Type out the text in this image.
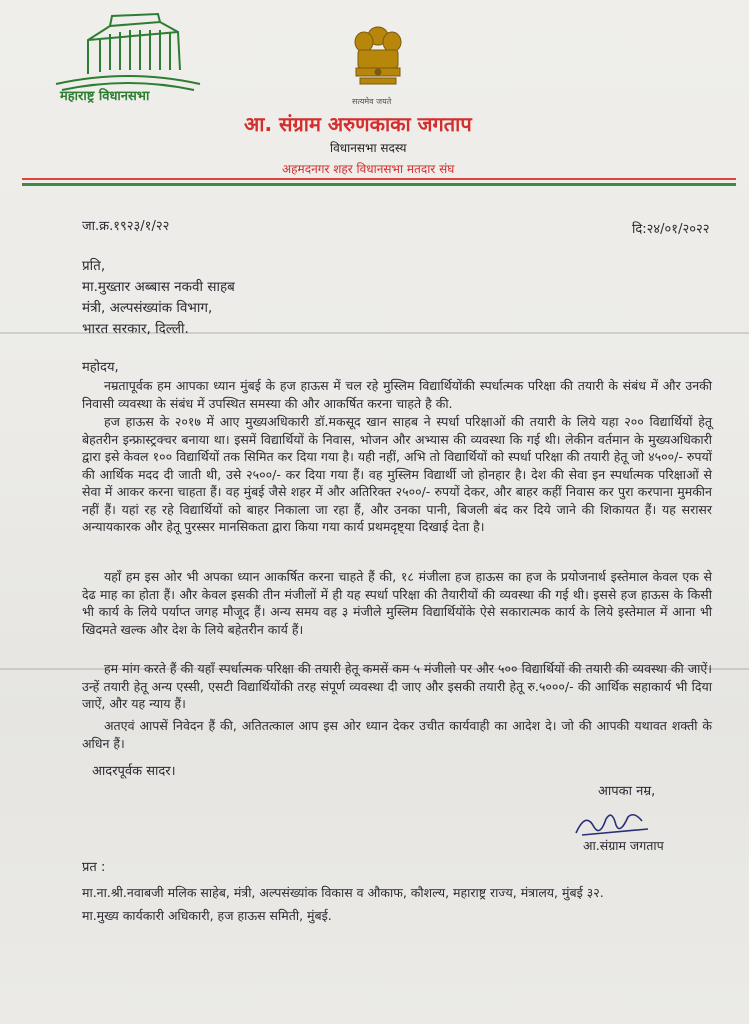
महाराष्ट्र विधानसभा	सत्यमेव जयते
आ. संग्राम अरुणकाका जगताप
विधानसभा सदस्य
अहमदनगर शहर विधानसभा मतदार संघ
जा.क्र.१९२३/१/२२	दि:२४/०१/२०२२
प्रति,
मा.मुख्तार अब्बास नकवी साहब
मंत्री, अल्पसंख्यांक विभाग,
भारत सरकार, दिल्ली.
महोदय,
नम्रतापूर्वक हम आपका ध्यान मुंबई के हज हाऊस में चल रहे मुस्लिम विद्यार्थियोंकी स्पर्धात्मक परिक्षा की तयारी के संबंध में और उनकी निवासी व्यवस्था के संबंध में उपस्थित समस्या की और आकर्षित करना चाहते है की.
हज हाऊस के २०१७ में आए मुख्यअधिकारी डॉ.मकसूद खान साहब ने स्पर्धा परिक्षाओं की तयारी के लिये यहा २०० विद्यार्थियों हेतू बेहतरीन इन्फ्रास्ट्रक्चर बनाया था। इसमें विद्यार्थियों के निवास, भोजन और अभ्यास की व्यवस्था कि गई थी। लेकीन वर्तमान के मुख्यअधिकारी द्वारा इसे केवल १०० विद्यार्थियों तक सिमित कर दिया गया है। यही नहीं, अभि तो विद्यार्थियों को स्पर्धा परिक्षा की तयारी हेतू जो ४५००/- रुपयों की आर्थिक मदद दी जाती थी, उसे २५००/- कर दिया गया हैं। वह मुस्लिम विद्यार्थी जो होनहार है। देश की सेवा इन स्पर्धात्मक परिक्षाओं से सेवा में आकर करना चाहता हैं। वह मुंबई जैसे शहर में और अतिरिक्त २५००/- रुपयों देकर, और बाहर कहीं निवास कर पुरा करपाना मुमकीन नहीं हैं। यहां रह रहे विद्यार्थियों को बाहर निकाला जा रहा हैं, और उनका पानी, बिजली बंद कर दिये जाने की शिकायत हैं। यह सरासर अन्यायकारक और हेतू पुरस्सर मानसिकता द्वारा किया गया कार्य प्रथमदृष्ट्या दिखाई देता है।
यहाँ हम इस ओर भी अपका ध्यान आकर्षित करना चाहते हैं की, १८ मंजीला हज हाऊस का हज के प्रयोजनार्थ इस्तेमाल केवल एक से देढ माह का होता हैं। और केवल इसकी तीन मंजीलों में ही यह स्पर्धा परिक्षा की तैयारीयों की व्यवस्था की गई थी। इससे हज हाऊस के किसी भी कार्य के लिये पर्याप्त जगह मौजूद हैं। अन्य समय वह ३ मंजीले मुस्लिम विद्यार्थियोंके ऐसे सकारात्मक कार्य के लिये इस्तेमाल में आना भी खिदमते खल्क और देश के लिये बहेतरीन कार्य हैं।
हम मांग करते हैं की यहाँ स्पर्धात्मक परिक्षा की तयारी हेतू कमसें कम ५ मंजीलो पर और ५०० विद्यार्थियों की तयारी की व्यवस्था की जाऐं। उन्हें तयारी हेतू अन्य एस्सी, एसटी विद्यार्थियोंकी तरह संपूर्ण व्यवस्था दी जाए और इसकी तयारी हेतू रु.५०००/- की आर्थिक सहाकार्य भी दिया जाऐं, और यह न्याय हैं।
अतएवं आपसें निवेदन हैं की, अतितत्काल आप इस ओर ध्यान देकर उचीत कार्यवाही का आदेश दे। जो की आपकी यथावत शक्ती के अधिन हैं।
आदरपूर्वक सादर।
आपका नम्र,
आ.संग्राम जगताप
प्रत :
मा.ना.श्री.नवाबजी मलिक साहेब, मंत्री, अल्पसंख्यांक विकास व औकाफ, कौशल्य, महाराष्ट्र राज्य, मंत्रालय, मुंबई ३२.
मा.मुख्य कार्यकारी अधिकारी, हज हाऊस समिती, मुंबई.
